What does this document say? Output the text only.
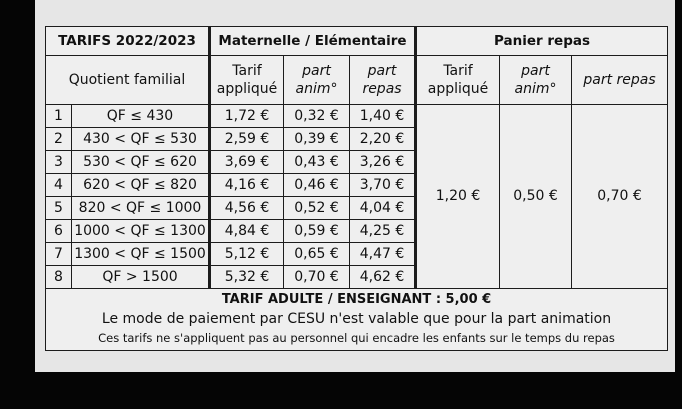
TARIFS 2022/2023		Maternelle / Elémentaire			Panier repas		
Quotient familial		Tarif appliqué	part anim°	part repas	Tarif appliqué	part anim°	part repas
1	QF ≤ 430	1,72 €	0,32 €	1,40 €	1,20 €	0,50 €	0,70 €
2	430 < QF ≤ 530	2,59 €	0,39 €	2,20 €			
3	530 < QF ≤ 620	3,69 €	0,43 €	3,26 €			
4	620 < QF ≤ 820	4,16 €	0,46 €	3,70 €			
5	820 < QF ≤ 1000	4,56 €	0,52 €	4,04 €			
6	1000 < QF ≤ 1300	4,84 €	0,59 €	4,25 €			
7	1300 < QF ≤ 1500	5,12 €	0,65 €	4,47 €			
8	QF > 1500	5,32 €	0,70 €	4,62 €			

TARIF ADULTE / ENSEIGNANT : 5,00 €
Le mode de paiement par CESU n'est valable que pour la part animation
Ces tarifs ne s'appliquent pas au personnel qui encadre les enfants sur le temps du repas							
